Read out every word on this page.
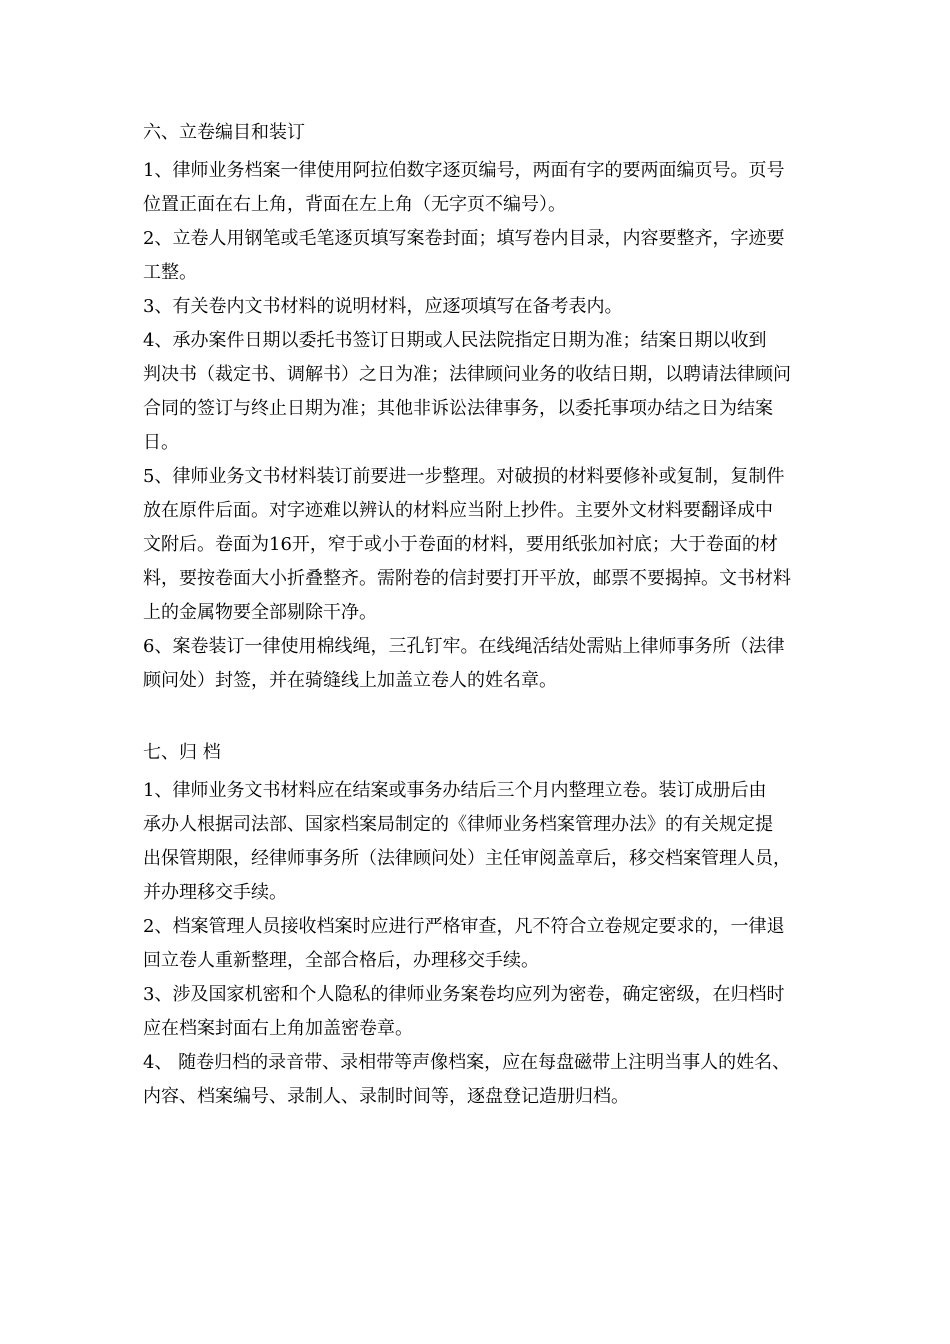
六、立卷编目和装订
1、律师业务档案一律使用阿拉伯数字逐页编号，两面有字的要两面编页号。页号
位置正面在右上角，背面在左上角（无字页不编号）。
2、立卷人用钢笔或毛笔逐页填写案卷封面；填写卷内目录，内容要整齐，字迹要
工整。
3、有关卷内文书材料的说明材料，应逐项填写在备考表内。
4、承办案件日期以委托书签订日期或人民法院指定日期为准；结案日期以收到
判决书（裁定书、调解书）之日为准；法律顾问业务的收结日期，以聘请法律顾问
合同的签订与终止日期为准；其他非诉讼法律事务，以委托事项办结之日为结案
日。
5、律师业务文书材料装订前要进一步整理。对破损的材料要修补或复制，复制件
放在原件后面。对字迹难以辨认的材料应当附上抄件。主要外文材料要翻译成中
文附后。卷面为16开，窄于或小于卷面的材料，要用纸张加衬底；大于卷面的材
料，要按卷面大小折叠整齐。需附卷的信封要打开平放，邮票不要揭掉。文书材料
上的金属物要全部剔除干净。
6、案卷装订一律使用棉线绳，三孔钉牢。在线绳活结处需贴上律师事务所（法律
顾问处）封签，并在骑缝线上加盖立卷人的姓名章。
七、归 档
1、律师业务文书材料应在结案或事务办结后三个月内整理立卷。装订成册后由
承办人根据司法部、国家档案局制定的《律师业务档案管理办法》的有关规定提
出保管期限，经律师事务所（法律顾问处）主任审阅盖章后，移交档案管理人员，
并办理移交手续。
2、档案管理人员接收档案时应进行严格审查，凡不符合立卷规定要求的，一律退
回立卷人重新整理，全部合格后，办理移交手续。
3、涉及国家机密和个人隐私的律师业务案卷均应列为密卷，确定密级，在归档时
应在档案封面右上角加盖密卷章。
4、 随卷归档的录音带、录相带等声像档案，应在每盘磁带上注明当事人的姓名、
内容、档案编号、录制人、录制时间等，逐盘登记造册归档。
